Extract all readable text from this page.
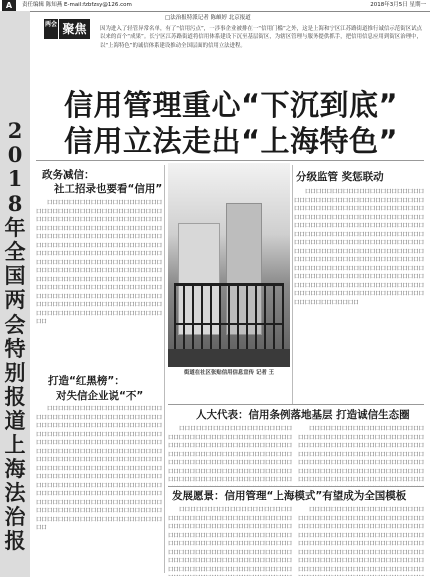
A	责任编辑 陈知燕 E-mail:fzbfzsy@126.com	2018年3月5日 星期一
2018年全国两会特别报道
上海法治报
两会 聚焦
□法治报特派记者 陈頔婷 北京报道
因为进入了轻管异常名单，有了“信用污点”，一涉事企业被排在一“信用门槛”之外，这是上海和宁区江苏路街道推行诚信示范街区试点以来的首个“成果”。长宁区江苏路街道将信用体系建设下沉至基层街区，为辖区管理与服务提供抓手，把信用信息应用到街区治理中，以“上海特色”的诚信体系建设推动全国层面的信用立法进程。
信用管理重心“下沉到底”
信用立法走出“上海特色”
政务减信：
社工招录也要看“信用”

口口口口口口口口口口口口口口口口口口口口口口口口口口口口口口口口口口口口口口口口口口口口口口口口口口口口口口口口口口口口口口口口口口口口口口口口口口口口口口口口口口口口口口口口口口口口口口口口口口口口口口口口口口口口口口口口口口口口口口口口口口口口口口口口口口口口口口口口口口口口口口口口口口口口口口口口口口口口口口口口口口口口口口口口口口口口口口口口口口口口口口口口口口口口口口口口口口口口口口口口口口口口口口口口口口口口口口口口口口口口口口口口口口口口口口口口口口口口口口口口口口口口口口口口口口口口口口口口口口口口口口口口口口口口口口口口口口口口口口口口口口口口口口口口口口口口口口口口口口口口口口口口口口口口口口口口口口口口口口口口口口

打造“红黑榜”：
对失信企业说“不”

口口口口口口口口口口口口口口口口口口口口口口口口口口口口口口口口口口口口口口口口口口口口口口口口口口口口口口口口口口口口口口口口口口口口口口口口口口口口口口口口口口口口口口口口口口口口口口口口口口口口口口口口口口口口口口口口口口口口口口口口口口口口口口口口口口口口口口口口口口口口口口口口口口口口口口口口口口口口口口口口口口口口口口口口口口口口口口口口口口口口口口口口口口口口口口口口口口口口口口口口口口口口口口口口口口口口口口口口口口口口口口口口口口口口口口口口口口口口口口口口口口口口口口口口口口口口口口口口口口口口口口口口口口口口口口口口口口口口口口口口口口口口口口口口口口口口口口口口口口口口口口口口口口口口口口口口口口口口口口口口口口

街道在社区张贴信用信息宣传 记者 王
分级监管 奖惩联动

口口口口口口口口口口口口口口口口口口口口口口口口口口口口口口口口口口口口口口口口口口口口口口口口口口口口口口口口口口口口口口口口口口口口口口口口口口口口口口口口口口口口口口口口口口口口口口口口口口口口口口口口口口口口口口口口口口口口口口口口口口口口口口口口口口口口口口口口口口口口口口口口口口口口口口口口口口口口口口口口口口口口口口口口口口口口口口口口口口口口口口口口口口口口口口口口口口口口口口口口口口口口口口口口口口口口口口口口口口口口口口口口口口口口口口口口口口口口口口口口口口口口口口口口口口口口口口口口口口口口口口口口口口口口口口口口口口口口口口口口口口口口口口口口口口口口口口口口口口口口口口口口口口口口口口口口口口口口口口口口口口

人大代表：信用条例落地基层 打造诚信生态圈

口口口口口口口口口口口口口口口口口口口口口口口口口口口口口口口口口口口口口口口口口口口口口口口口口口口口口口口口口口口口口口口口口口口口口口口口口口口口口口口口口口口口口口口口口口口口口口口口口口口口口口口口口口口口口口口口口口口口口口口口口口口口口口口口口口口口口口口口口口口口口口口口口口口口口口口口口口口口口口

口口口口口口口口口口口口口口口口口口口口口口口口口口口口口口口口口口口口口口口口口口口口口口口口口口口口口口口口口口口口口口口口口口口口口口口口口口口口口口口口口口口口口口口口口口口口口口口口口口口口口口口口口口口口口口口口口口口口口口口口口口口口口口口口口口口口口口口口口口口口口口口口口口口口口口口口口口口口口口口

发展愿景：信用管理“上海模式”有望成为全国模板

口口口口口口口口口口口口口口口口口口口口口口口口口口口口口口口口口口口口口口口口口口口口口口口口口口口口口口口口口口口口口口口口口口口口口口口口口口口口口口口口口口口口口口口口口口口口口口口口口口口口口口口口口口口口口口口口口口口口口口口口口口口口口口口口口口口口口口口口口口口口口口口口口口口口口口口口口口口口口口口口口口口口口口口口口口口口口口口口口口口口口

口口口口口口口口口口口口口口口口口口口口口口口口口口口口口口口口口口口口口口口口口口口口口口口口口口口口口口口口口口口口口口口口口口口口口口口口口口口口口口口口口口口口口口口口口口口口口口口口口口口口口口口口口口口口口口口口口口口口口口口口口口口口口口口口口口口口口口口口口口口口口口口口口口口口口口口口口口口口口口口口口口口口口口口口口口口口口口口口口口口口口口
